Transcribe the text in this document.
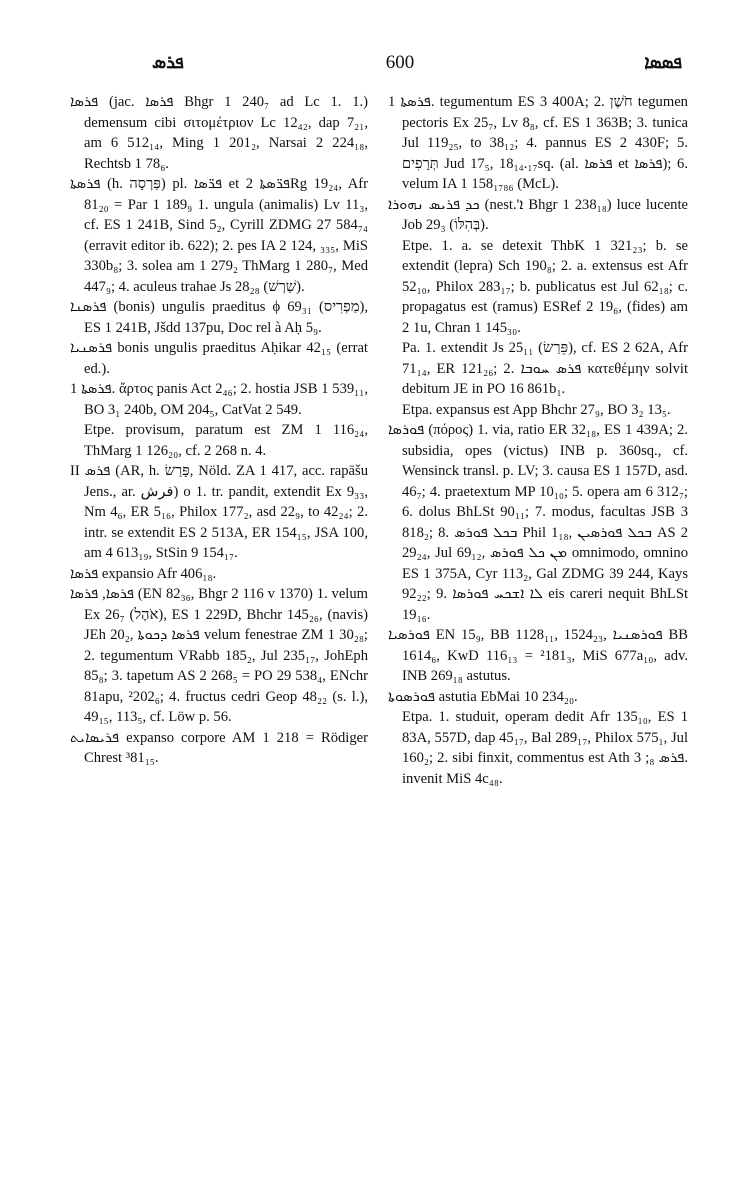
ܦܪܣ	600	ܦܣܣܐ

ܦܪܣܐ (jac. ܦܪܣܐ Bhgr 1 240₇ ad Lc 1. 1.) demensum cibi σιτομέτριον Lc 12₄₂, dap 7₂₁, am 6 512₁₄, Ming 1 201₂, Narsai 2 224₁₈, Rechtsb 1 78₆.

ܦܪܣܬܐ (h. פַּרְסָה) pl. ܦܪ̈ܣܐ et ܦܪ̈ܣܬܐ 2Rg 19₂₄, Afr 81₂₀ = Par 1 189₉ 1. ungula (animalis) Lv 11₃, cf. ES 1 241B, Sind 5₂, Cyrill ZDMG 27 584₇₄ (erravit editor ib. 622); 2. pes IA 2 124, ₃₃₅, MiS 330b₈; 3. solea am 1 279₂ ThMarg 1 280₇, Med 447₉; 4. aculeus trahae Js 28₂₈ (שַׁרְשׁ).

ܦܪܣܢܐ (bonis) ungulis praeditus ϕ 69₃₁ (מַפְרִיס), ES 1 241B, Jšdd 137pu, Doc rel à Aḥ 5₉.

ܦܪܣܢܝܐ bonis ungulis praeditus Aḥikar 42₁₅ (errat ed.).

ܦܪܣܬܐ 1. ἄρτος panis Act 2₄₆; 2. hostia JSB 1 539₁₁, BO 3₁ 240b, OM 204₅, CatVat 2 549.

Etpe. provisum, paratum est ZM 1 116₂₄, ThMarg 1 126₂₀, cf. 2 268 n. 4.

II ܦܪܣ (AR, h. פָּרַשׂ, Nöld. ZA 1 417, acc. rapāšu Jens., ar. فرش) o 1. tr. pandit, extendit Ex 9₃₃, Nm 4₆, ER 5₁₆, Philox 177₂, asd 22₉, to 42₂₄; 2. intr. se extendit ES 2 513A, ER 154₁₅, JSA 100, am 4 613₁₉, StSin 9 154₁₇.

ܦܪܣܐ expansio Afr 406₁₈.

ܦܪܣܐ, ܦܪܣܐ (EN 82₃₆, Bhgr 2 116 v 1370) 1. velum Ex 26₇ (אֹהֶל), ES 1 229D, Bhchr 145₂₆, (navis) JEh 20₂, ܦܪܣܐ ܕܟܘܬܐ velum fenestrae ZM 1 30₂₈; 2. tegumentum VRabb 185₂, Jul 235₁₇, JohEph 85₈; 3. tapetum AS 2 268₅ = PO 29 538₄, ENchr 81apu, ²202₆; 4. fructus cedri Geop 48₂₂ (s. l.), 49₁₅, 113₅, cf. Löw p. 56.

ܦܪܝܣܐܝܬ expanso corpore AM 1 218 = Rödiger Chrest ³81₁₅.

ܦܪܣܬܐ 1. tegumentum ES 3 400A; 2. חֹשֶׁן tegumen pectoris Ex 25₇, Lv 8₈, cf. ES 1 363B; 3. tunica Jul 119₂₅, to 38₁₂; 4. pannus ES 2 430F; 5. תְּרָפִים Jud 17₅, 18₁₄.₁₇sq. (al. ܦܪܣܐ et ܦܪܣܐ); 6. velum IA 1 158₁₇₈₆ (McL).

ܟܕ ܦܪܝܣ ܢܗܘܪܐ (nest.'ܐ Bhgr 1 238₁₈) luce lucente Job 29₃ (בְּהִלּוֹ).

Etpe. 1. a. se detexit ThbK 1 321₂₃; b. se extendit (lepra) Sch 190₈; 2. a. extensus est Afr 52₁₀, Philox 283₁₇; b. publicatus est Jul 62₁₈; c. propagatus est (ramus) ESRef 2 19₆, (fides) am 2 1u, Chran 1 145₃₀.

Pa. 1. extendit Js 25₁₁ (פֵּרַשׂ), cf. ES 2 62A, Afr 71₁₄, ER 121₂₆; 2. ܦܪܣ ܚܘܒܐ κατεθέμην solvit debitum JE in PO 16 861b₁.

Etpa. expansus est App Bhchr 27₉, BO 3₂ 13₅.

ܦܘܪܣܐ (πόρος) 1. via, ratio ER 32₁₈, ES 1 439A; 2. subsidia, opes (victus) INB p. 360sq., cf. Wensinck transl. p. LV; 3. causa ES 1 157D, asd. 46₇; 4. praetextum MP 10₁₀; 5. opera am 6 312₇; 6. dolus BhLSt 90₁₁; 7. modus, facultas JSB 3 818₂; 8. ܒܟܠ ܦܘܪܣ Phil 1₁₈, ܒܟܠ ܦܘܪܣܝܢ AS 2 29₂₄, Jul 69₁₂, ܡܢ ܟܠ ܦܘܪܣ omnimodo, omnino ES 1 375A, Cyr 113₂, Gal ZDMG 39 244, Kays 92₂₂; 9. ܠܐ ܐܫܟܚ ܦܘܪܣܐ eis careri nequit BhLSt 19₁₆.

ܦܘܪܣܝܐ EN 15₉, BB 1128₁₁, 1524₂₃, ܦܘܪܣܢܝܐ BB 1614₆, KwD 116₁₃ = ²181₃, MiS 677a₁₀, adv. INB 269₁₈ astutus.

ܦܘܪܣܘܬܐ astutia EbMai 10 234₂₀.

Etpa. 1. studuit, operam dedit Afr 135₁₀, ES 1 83A, 557D, dap 45₁₇, Bal 289₁₇, Philox 575₁, Jul 160₂; 2. sibi finxit, commentus est Ath ܦܪܣ ₈; 3. invenit MiS 4c₄₈.
